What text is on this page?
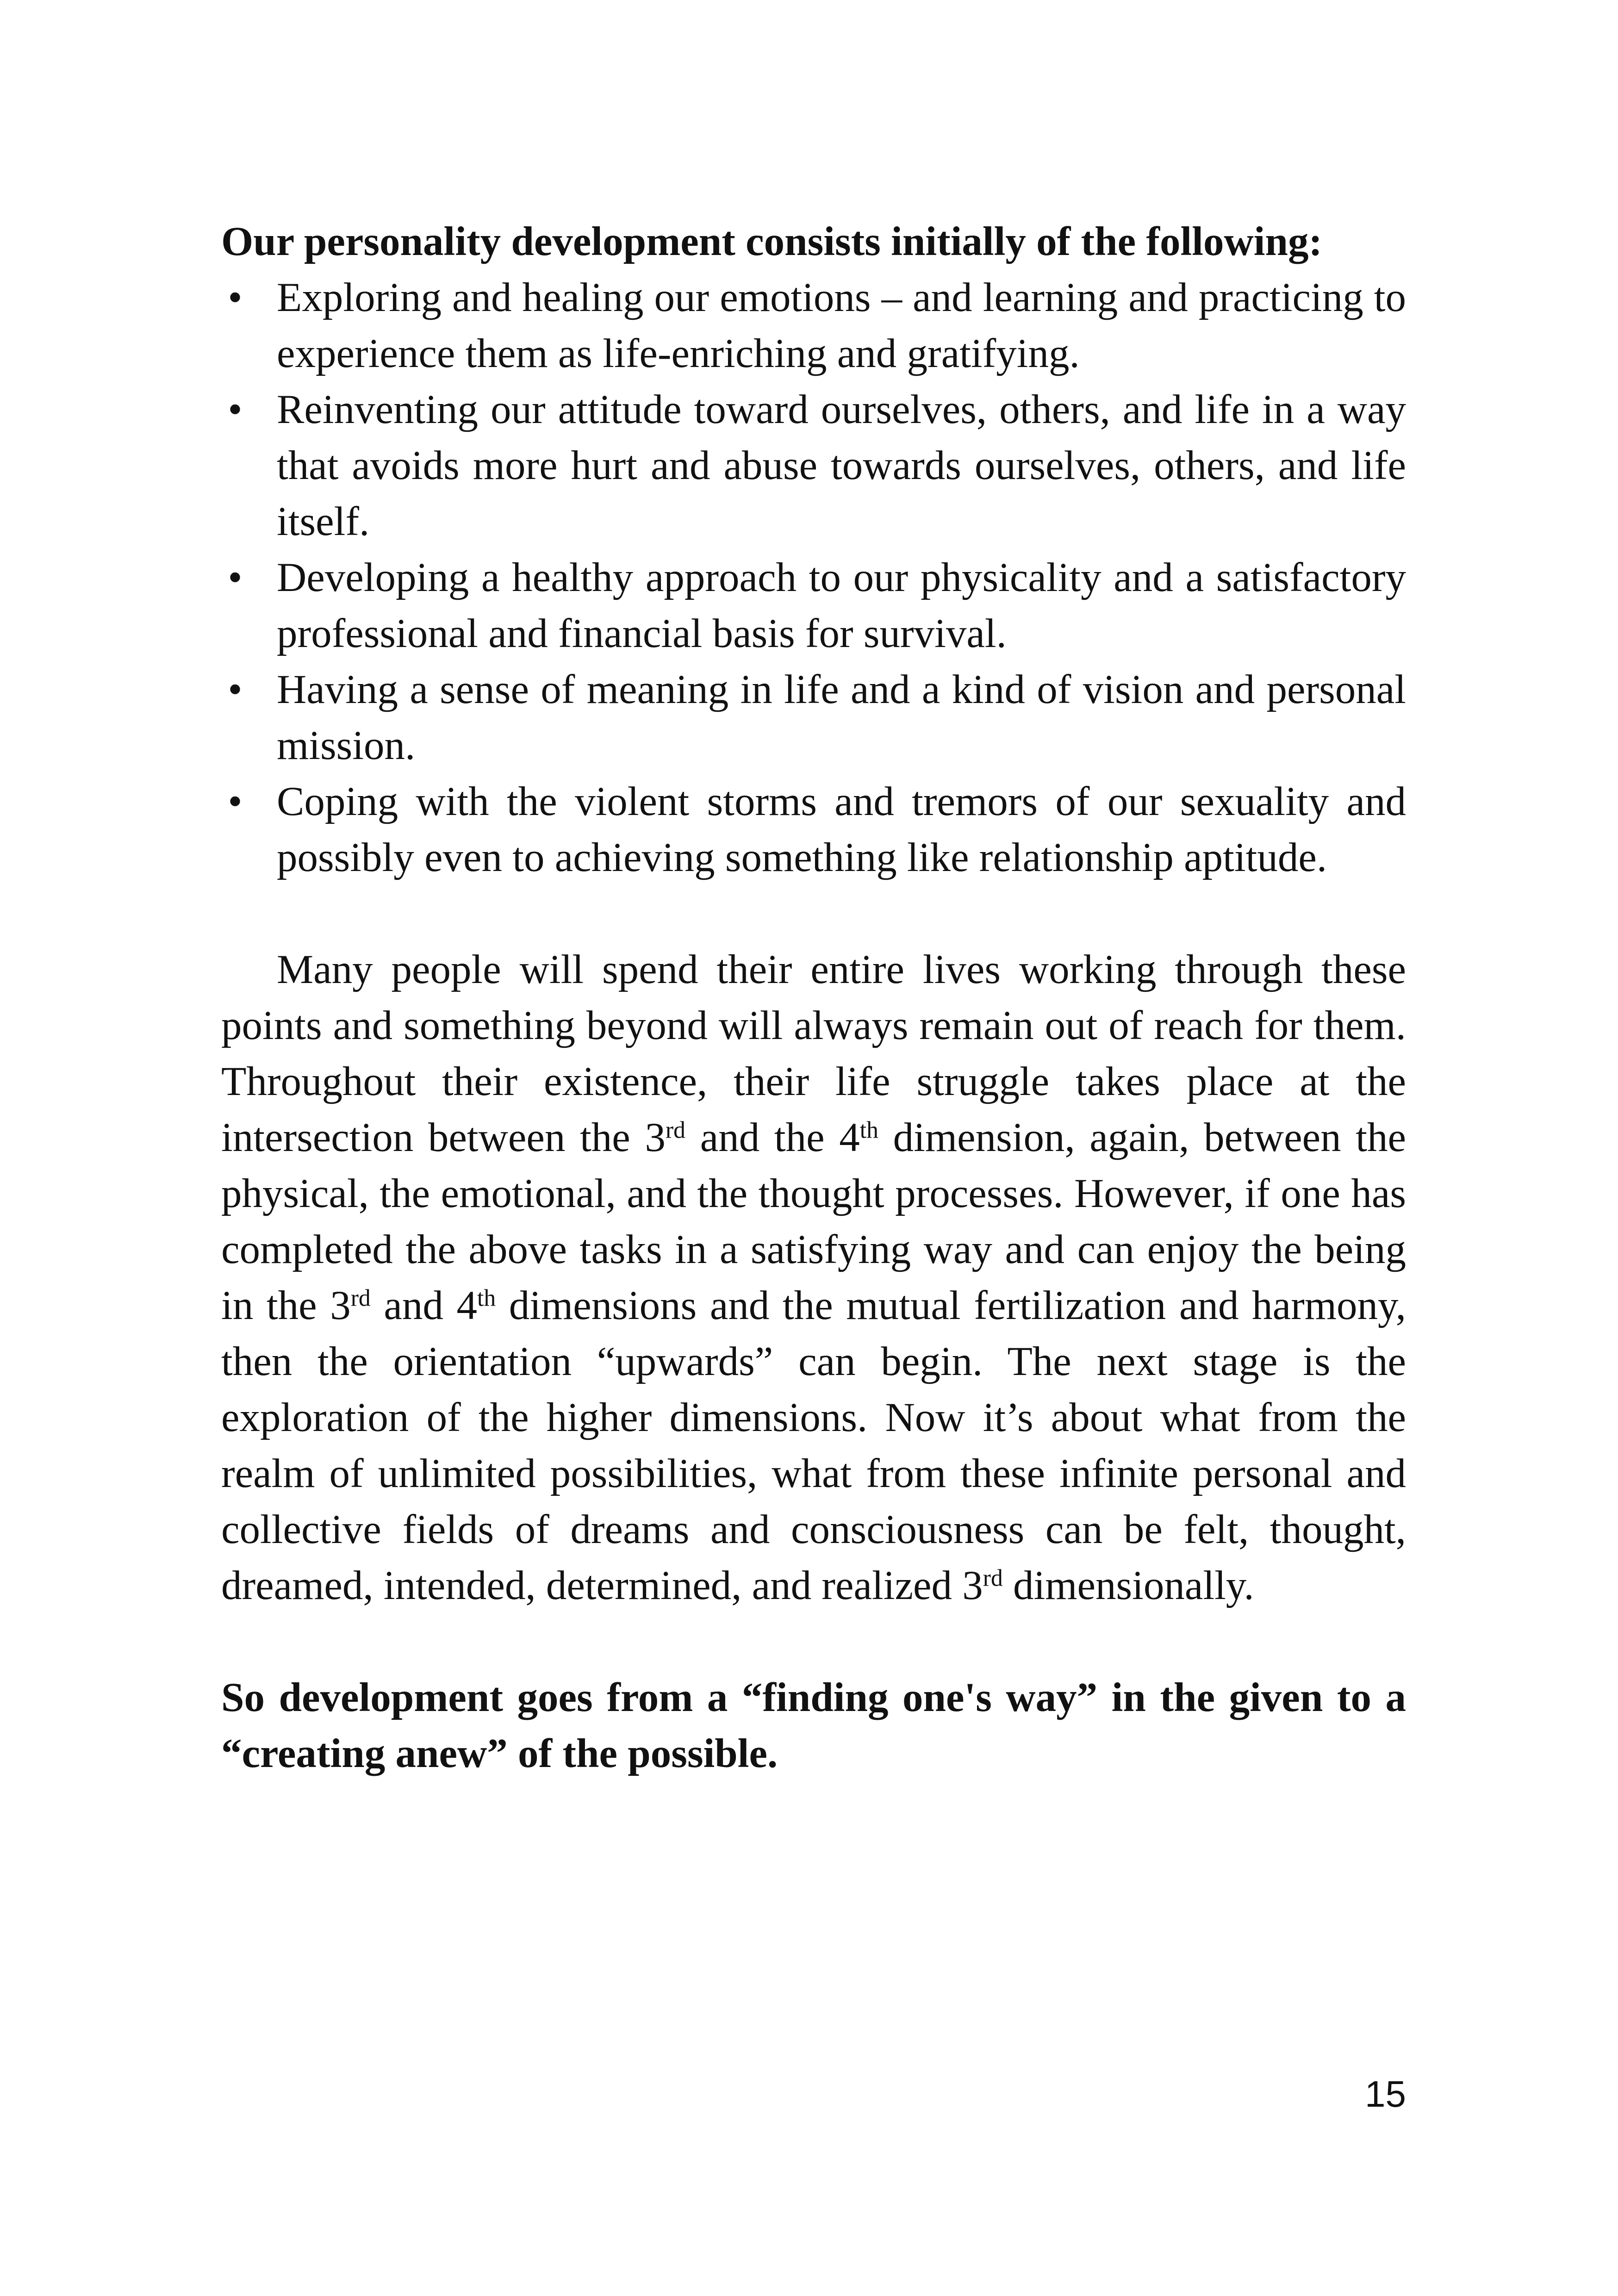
Our personality development consists initially of the following:

• Exploring and healing our emotions – and learning and practicing to experience them as life-enriching and gratifying.
• Reinventing our attitude toward ourselves, others, and life in a way that avoids more hurt and abuse towards ourselves, others, and life itself.
• Developing a healthy approach to our physicality and a satisfactory professional and financial basis for survival.
• Having a sense of meaning in life and a kind of vision and personal mission.
• Coping with the violent storms and tremors of our sexuality and possibly even to achieving something like relationship aptitude.

Many people will spend their entire lives working through these points and something beyond will always remain out of reach for them. Throughout their existence, their life struggle takes place at the intersection between the 3rd and the 4th dimension, again, between the physical, the emotional, and the thought processes. However, if one has completed the above tasks in a satisfying way and can enjoy the being in the 3rd and 4th dimensions and the mutual fertilization and harmony, then the orientation “upwards” can begin. The next stage is the exploration of the higher dimensions. Now it’s about what from the realm of unlimited possibilities, what from these infinite personal and collective fields of dreams and consciousness can be felt, thought, dreamed, intended, determined, and realized 3rd dimensionally.

So development goes from a “finding one's way” in the given to a “creating anew” of the possible.

15
